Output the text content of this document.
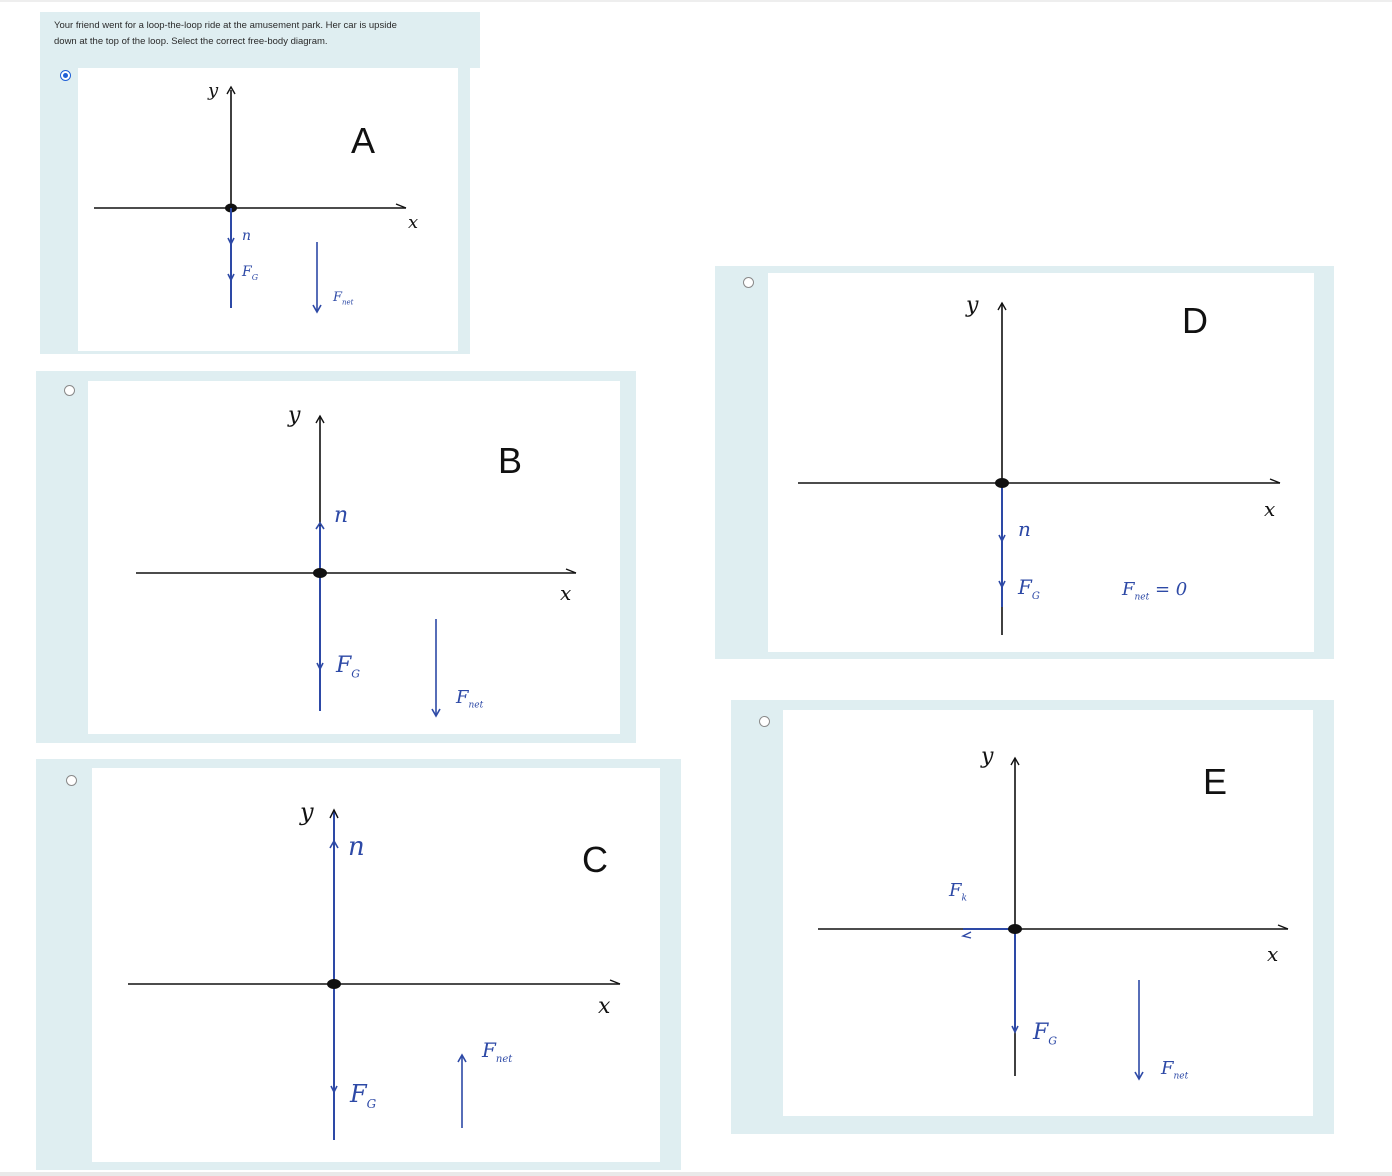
Your friend went for a loop-the-loop ride at the amusement park. Her car is upside
down at the top of the loop. Select the correct free-body diagram.
A
y
x
n
$F_G$
$F_{net}$
B
y
x
n
$F_G$
$F_{net}$
C
y
x
n
$F_G$
$F_{net}$
D
y
x
n
$F_G$	$F_{net} = 0$
E
y
x
$F_k$
$F_G$
$F_{net}$
